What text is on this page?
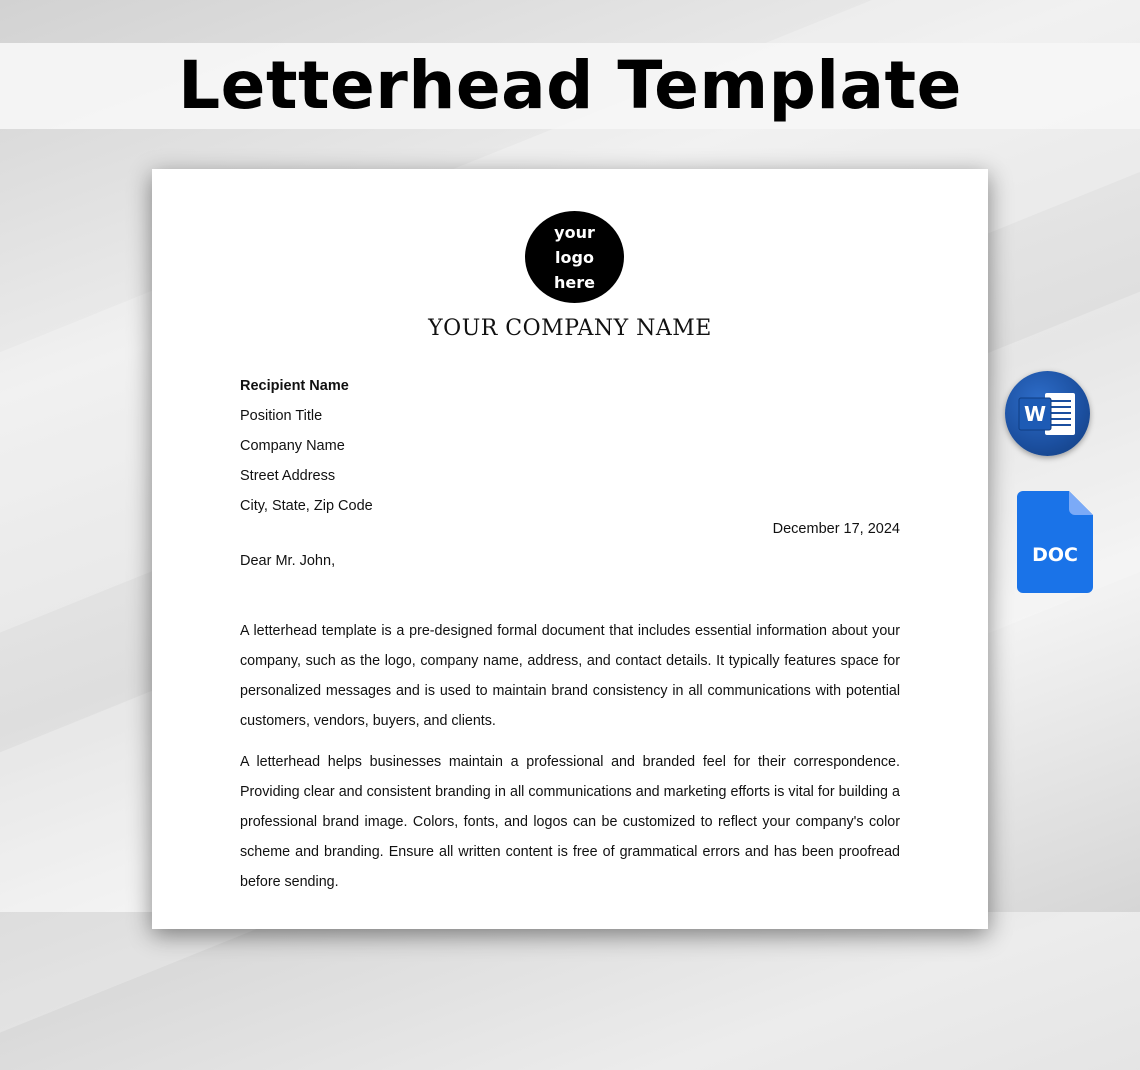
Letterhead Template
your
logo
here
YOUR COMPANY NAME
Recipient Name
Position Title
Company Name
Street Address
City, State, Zip Code
December 17, 2024
Dear Mr. John,
A letterhead template is a pre-designed formal document that includes essential information about your company, such as the logo, company name, address, and contact details. It typically features space for personalized messages and is used to maintain brand consistency in all communications with potential customers, vendors, buyers, and clients.
A letterhead helps businesses maintain a professional and branded feel for their correspondence. Providing clear and consistent branding in all communications and marketing efforts is vital for building a professional brand image. Colors, fonts, and logos can be customized to reflect your company's color scheme and branding. Ensure all written content is free of grammatical errors and has been proofread before sending.
W
DOC
